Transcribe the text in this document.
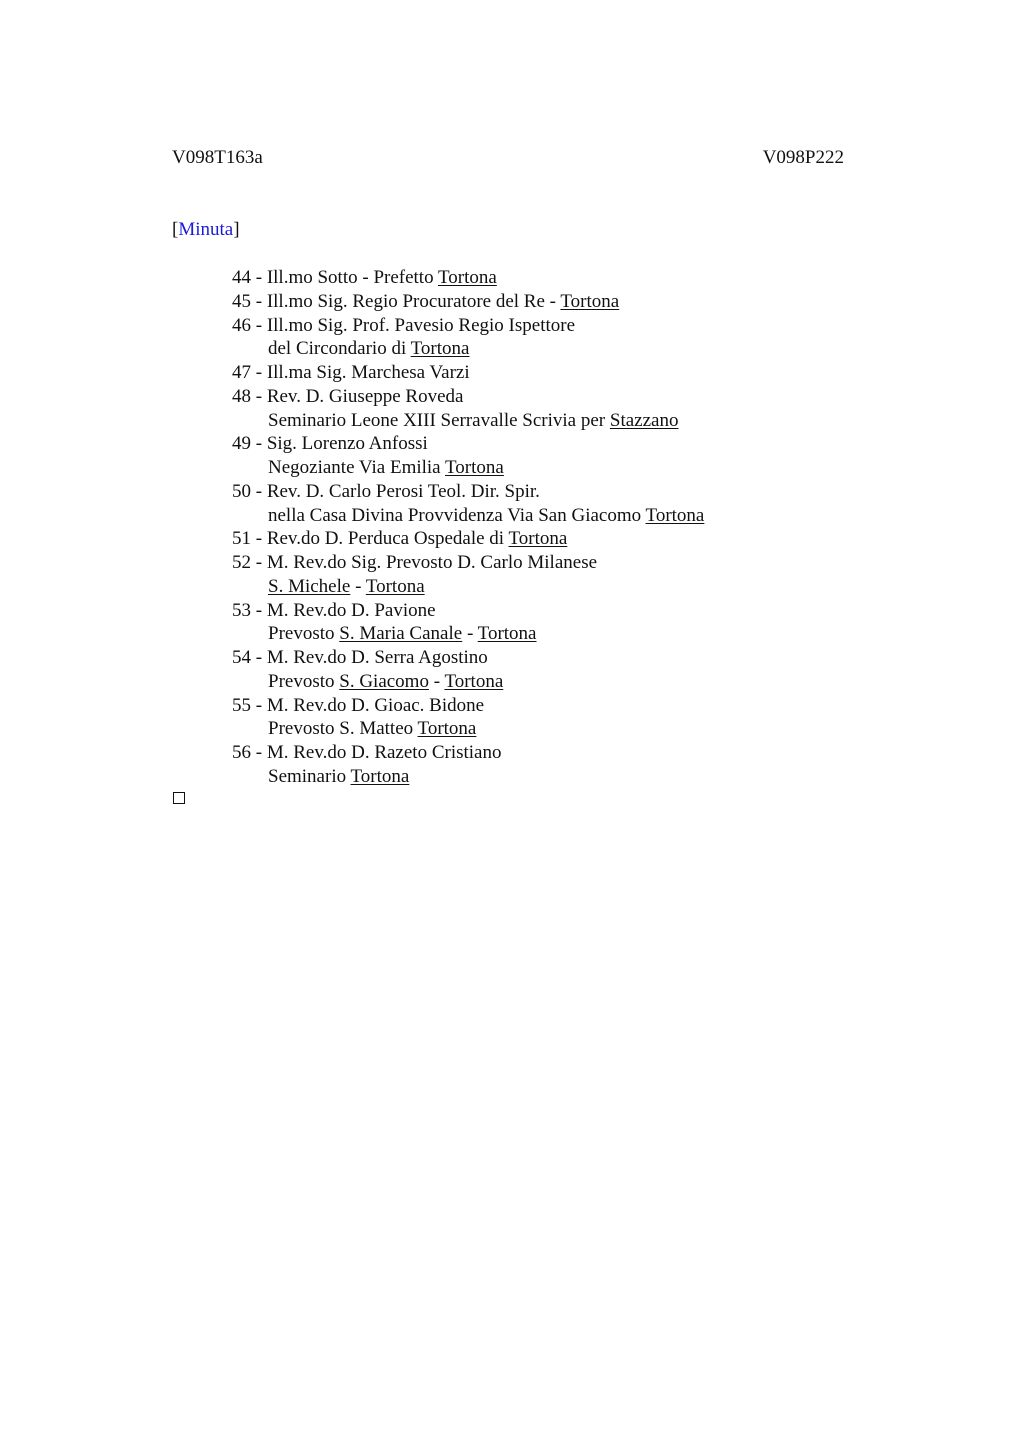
V098T163a	V098P222
[Minuta]
44 - Ill.mo Sotto - Prefetto Tortona
45 - Ill.mo Sig. Regio Procuratore del Re - Tortona
46 - Ill.mo Sig. Prof. Pavesio Regio Ispettore
del Circondario di Tortona
47 - Ill.ma Sig. Marchesa Varzi
48 - Rev. D. Giuseppe Roveda
Seminario Leone XIII Serravalle Scrivia per Stazzano
49 - Sig. Lorenzo Anfossi
Negoziante Via Emilia Tortona
50 - Rev. D. Carlo Perosi Teol. Dir. Spir.
nella Casa Divina Provvidenza Via San Giacomo Tortona
51 - Rev.do D. Perduca Ospedale di Tortona
52 - M. Rev.do Sig. Prevosto D. Carlo Milanese
S. Michele - Tortona
53 - M. Rev.do D. Pavione
Prevosto S. Maria Canale - Tortona
54 - M. Rev.do D. Serra Agostino
Prevosto S. Giacomo - Tortona
55 - M. Rev.do D. Gioac. Bidone
Prevosto S. Matteo Tortona
56 - M. Rev.do D. Razeto Cristiano
Seminario Tortona
